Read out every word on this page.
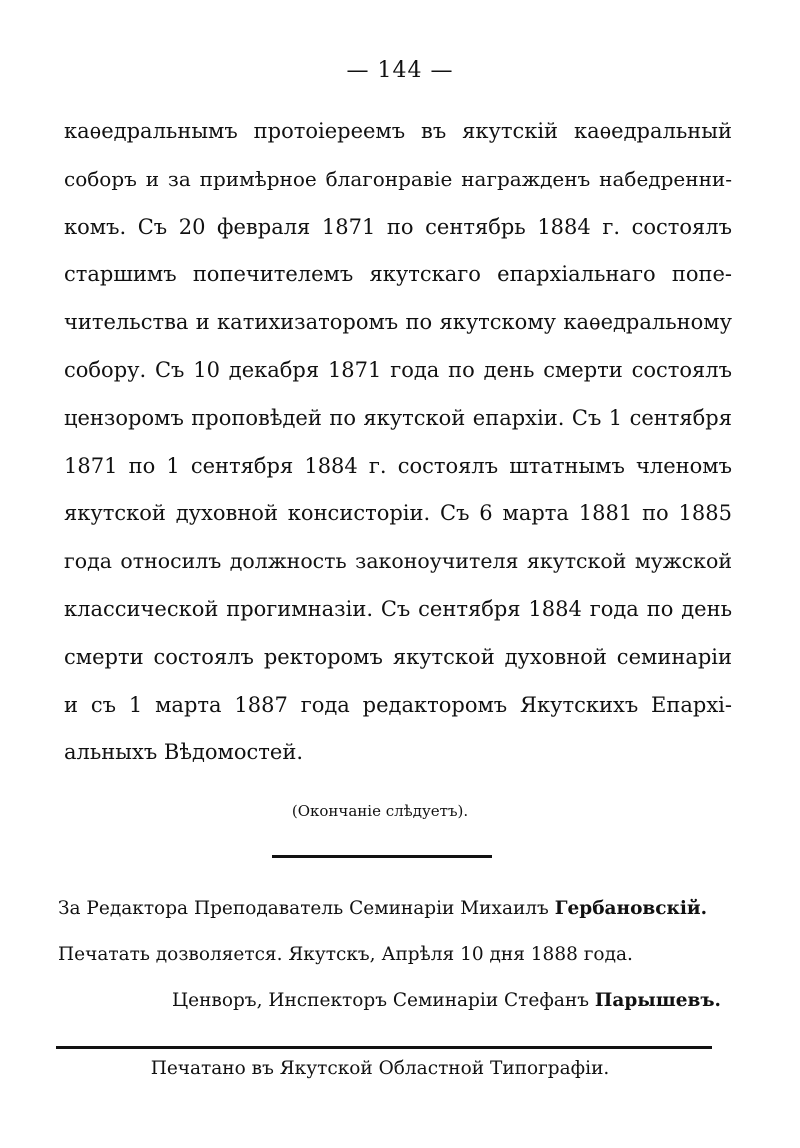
— 144 —
каѳедральнымъ протоіереемъ въ якутскій каѳедральный
соборъ и за примѣрное благонравіе награжденъ набедренни-
комъ. Съ 20 февраля 1871 по сентябрь 1884 г. состоялъ
старшимъ попечителемъ якутскаго епархіальнаго попе-
чительства и катихизаторомъ по якутскому каѳедральному
собору. Съ 10 декабря 1871 года по день смерти состоялъ
цензоромъ проповѣдей по якутской епархіи. Съ 1 сентября
1871 по 1 сентября 1884 г. состоялъ штатнымъ членомъ
якутской духовной консисторіи. Съ 6 марта 1881 по 1885
года относилъ должность законоучителя якутской мужской
классической прогимназіи. Съ сентября 1884 года по день
смерти состоялъ ректоромъ якутской духовной семинаріи
и съ 1 марта 1887 года редакторомъ Якутскихъ Епархі-
альныхъ Вѣдомостей.
(Окончаніе слѣдуетъ).
За Редактора Преподаватель Семинаріи Михаилъ Гербановскій.
Печатать дозволяется. Якутскъ, Апрѣля 10 дня 1888 года.
Ценворъ, Инспекторъ Семинаріи Стефанъ Парышевъ.
Печатано въ Якутской Областной Типографіи.
